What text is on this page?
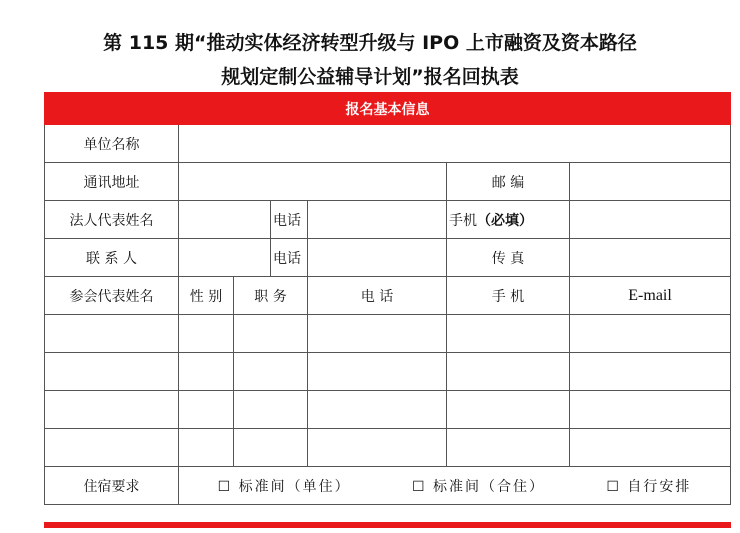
第 115 期“推动实体经济转型升级与 IPO 上市融资及资本路径
规划定制公益辅导计划”报名回执表
报名基本信息						
单位名称						
通讯地址					邮 编	
法人代表姓名			电话		手机（必填）	
联 系 人			电话		传 真	
参会代表姓名	性 别	职 务		电 话	手 机	E-mail

住宿要求	☐ 标准间（单住） ☐ 标准间（合住） ☐ 自行安排					
